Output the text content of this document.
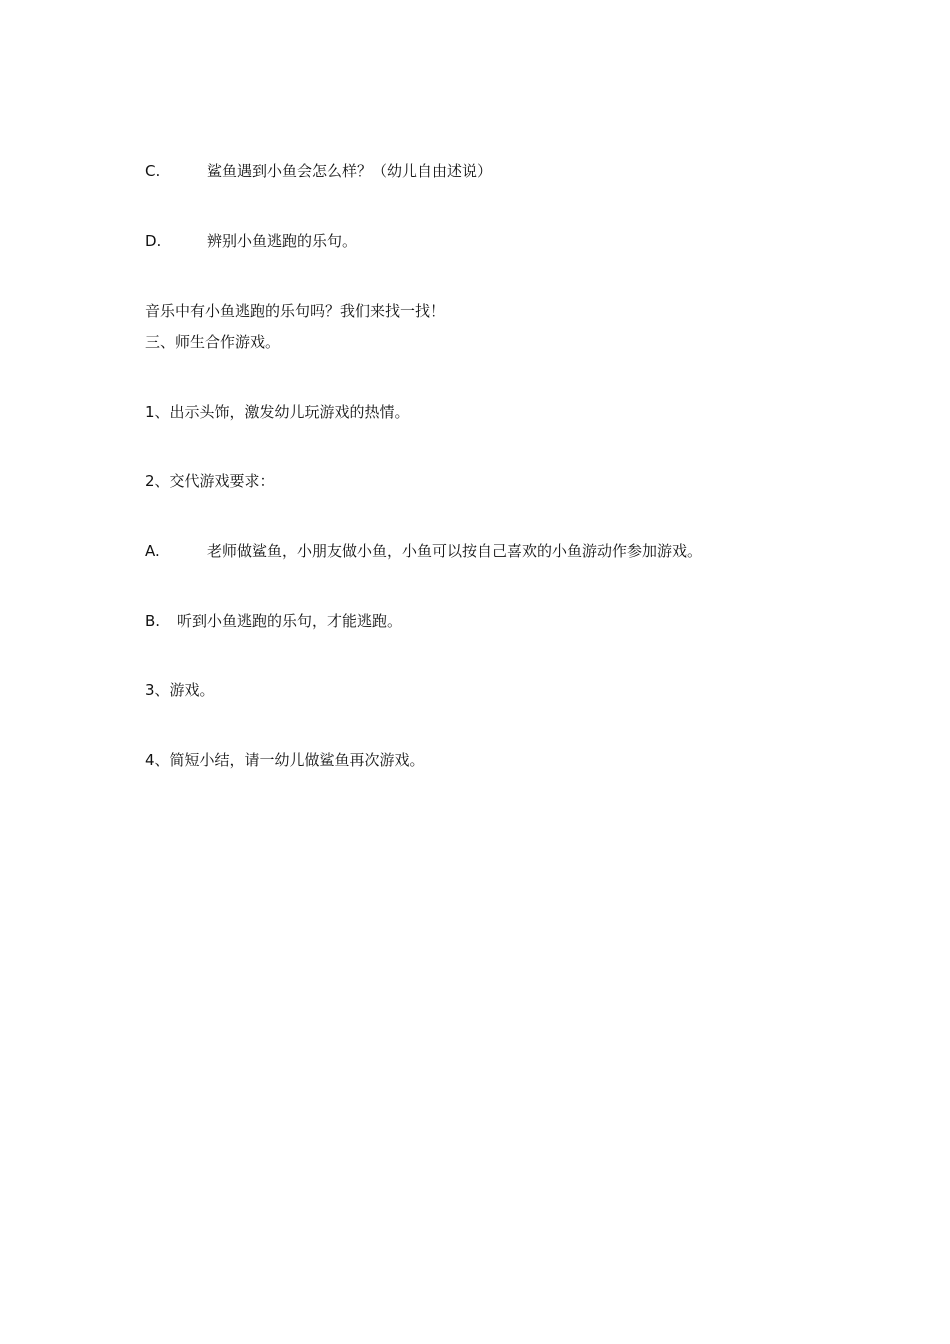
C.	鲨鱼遇到小鱼会怎么样？（幼儿自由述说）
D.	辨别小鱼逃跑的乐句。
音乐中有小鱼逃跑的乐句吗？我们来找一找！
三、师生合作游戏。
1、出示头饰，激发幼儿玩游戏的热情。
2、交代游戏要求：
A.	老师做鲨鱼，小朋友做小鱼，小鱼可以按自己喜欢的小鱼游动作参加游戏。
B. 听到小鱼逃跑的乐句，才能逃跑。
3、游戏。
4、简短小结，请一幼儿做鲨鱼再次游戏。
